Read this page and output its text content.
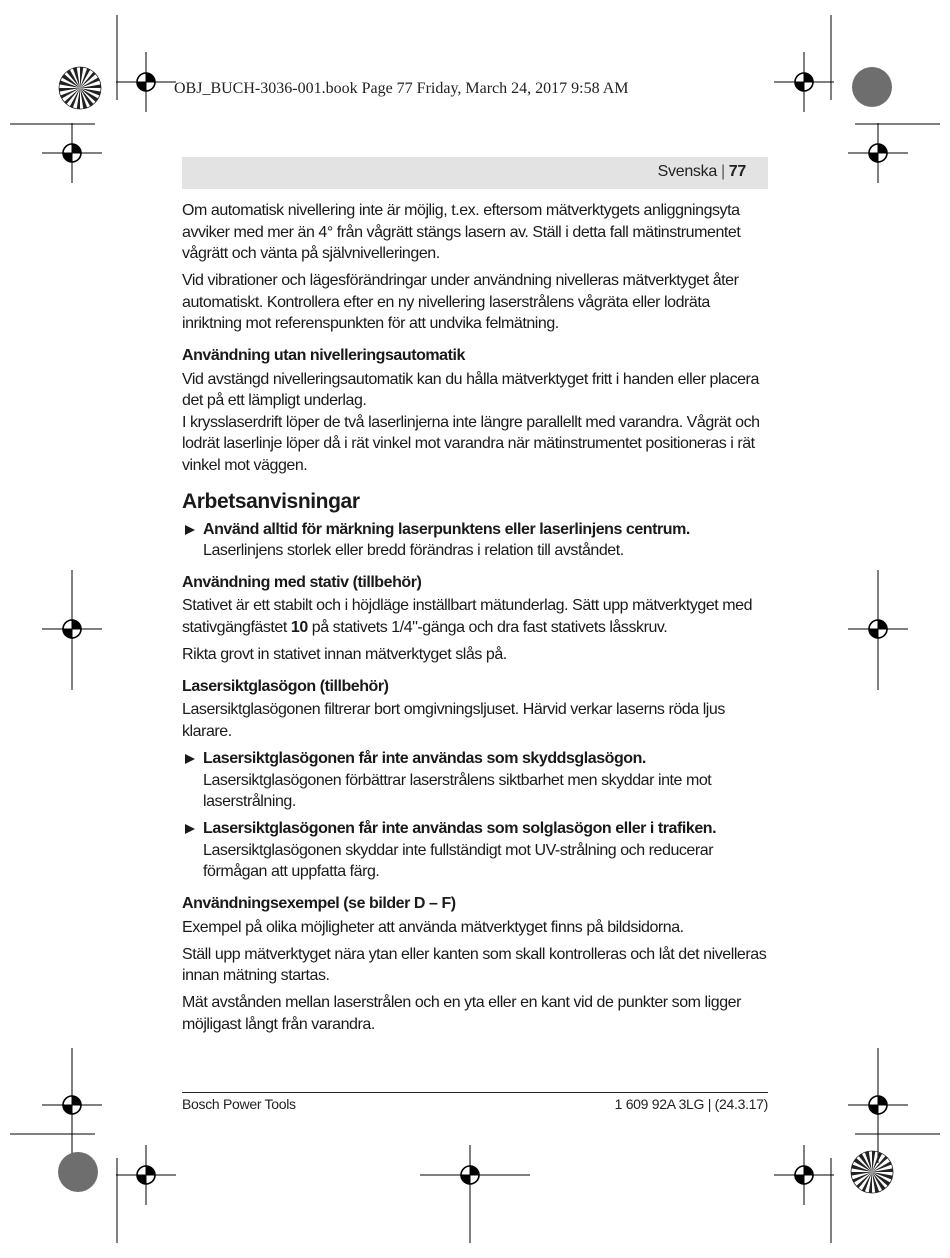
OBJ_BUCH-3036-001.book Page 77 Friday, March 24, 2017 9:58 AM
Svenska | 77

Om automatisk nivellering inte är möjlig, t.ex. eftersom mätverktygets anliggningsyta avviker med mer än 4° från vågrätt stängs lasern av. Ställ i detta fall mätinstrumentet vågrätt och vänta på självnivelleringen.

Vid vibrationer och lägesförändringar under användning nivelleras mätverktyget åter automatiskt. Kontrollera efter en ny nivellering laserstrålens vågräta eller lodräta inriktning mot referenspunkten för att undvika felmätning.

Användning utan nivelleringsautomatik
Vid avstängd nivelleringsautomatik kan du hålla mätverktyget fritt i handen eller placera det på ett lämpligt underlag.

I krysslaserdrift löper de två laserlinjerna inte längre parallellt med varandra. Vågrät och lodrät laserlinje löper då i rät vinkel mot varandra när mätinstrumentet positioneras i rät vinkel mot väggen.

Arbetsanvisningar
Använd alltid för märkning laserpunktens eller laserlinjens centrum. Laserlinjens storlek eller bredd förändras i relation till avståndet.
Användning med stativ (tillbehör)

Stativet är ett stabilt och i höjdläge inställbart mätunderlag. Sätt upp mätverktyget med stativgängfästet 10 på stativets 1/4"-gänga och dra fast stativets låsskruv.

Rikta grovt in stativet innan mätverktyget slås på.

Lasersiktglasögon (tillbehör)

Lasersiktglasögonen filtrerar bort omgivningsljuset. Härvid verkar laserns röda ljus klarare.

Lasersiktglasögonen får inte användas som skyddsglasögon. Lasersiktglasögonen förbättrar laserstrålens siktbarhet men skyddar inte mot laserstrålning.
Lasersiktglasögonen får inte användas som solglasögon eller i trafiken. Lasersiktglasögonen skyddar inte fullständigt mot UV-strålning och reducerar förmågan att uppfatta färg.
Användningsexempel (se bilder D – F)

Exempel på olika möjligheter att använda mätverktyget finns på bildsidorna.

Ställ upp mätverktyget nära ytan eller kanten som skall kontrolleras och låt det nivelleras innan mätning startas.

Mät avstånden mellan laserstrålen och en yta eller en kant vid de punkter som ligger möjligast långt från varandra.

Bosch Power Tools	1 609 92A 3LG | (24.3.17)
